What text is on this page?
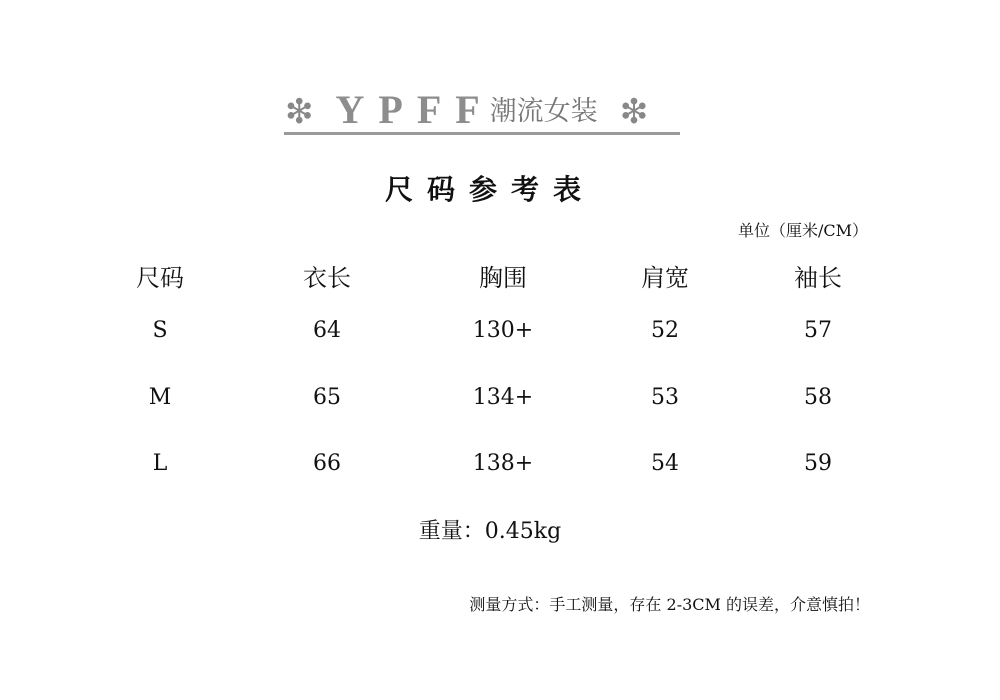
❇ YPFF
潮流女装 ❇
尺码参考表
单位（厘米/CM）
尺码	衣长	胸围	肩宽	袖长
S	64	130+	52	57
M	65	134+	53	58
L	66	138+	54	59
重量：0.45kg
测量方式：手工测量，存在 2-3CM 的误差，介意慎拍！
